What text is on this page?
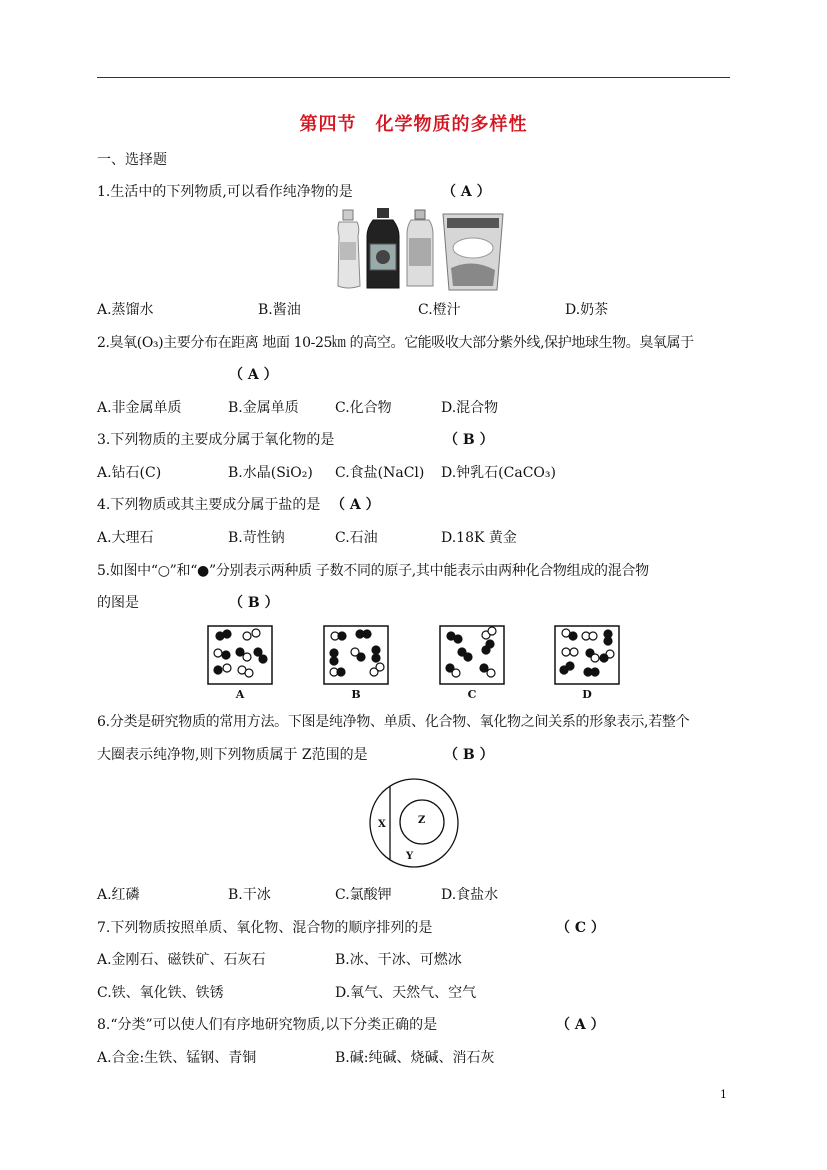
第四节　化学物质的多样性
一、选择题
1.生活中的下列物质,可以看作纯净物的是	（ A ）
A.蒸馏水	B.酱油	C.橙汁	D.奶茶
2.臭氧(O₃)主要分布在距离 地面 10-25㎞ 的高空。它能吸收大部分紫外线,保护地球生物。臭氧属于
（ A ）
A.非金属单质	B.金属单质	C.化合物	D.混合物
3.下列物质的主要成分属于氧化物的是	（ B ）
A.钻石(C)	B.水晶(SiO₂) C.食盐(NaCl) D.钟乳石(CaCO₃)
4.下列物质或其主要成分属于盐的是 （ A ）
A.大理石	B.苛性钠	C.石油	D.18K 黄金
5.如图中“○”和“●”分别表示两种质 子数不同的原子,其中能表示由两种化合物组成的混合物
的图是	（ B ）
A	B	C	D
6.分类是研究物质的常用方法。下图是纯净物、单质、化合物、氧化物之间关系的形象表示,若整个
大圈表示纯净物,则下列物质属于 Z范围的是	（ B ）
X	Z
Y
A.红磷	B.干冰	C.氯酸钾	D.食盐水
7.下列物质按照单质、氧化物、混合物的顺序排列的是	（ C ）
A.金刚石、磁铁矿、石灰石	B.冰、干冰、可燃冰
C.铁、氧化铁、铁锈	D.氧气、天然气、空气
8.“分类”可以使人们有序地研究物质,以下分类正确的是	（ A ）
A.合金:生铁、锰钢、青铜	B.碱:纯碱、烧碱、消石灰
1
